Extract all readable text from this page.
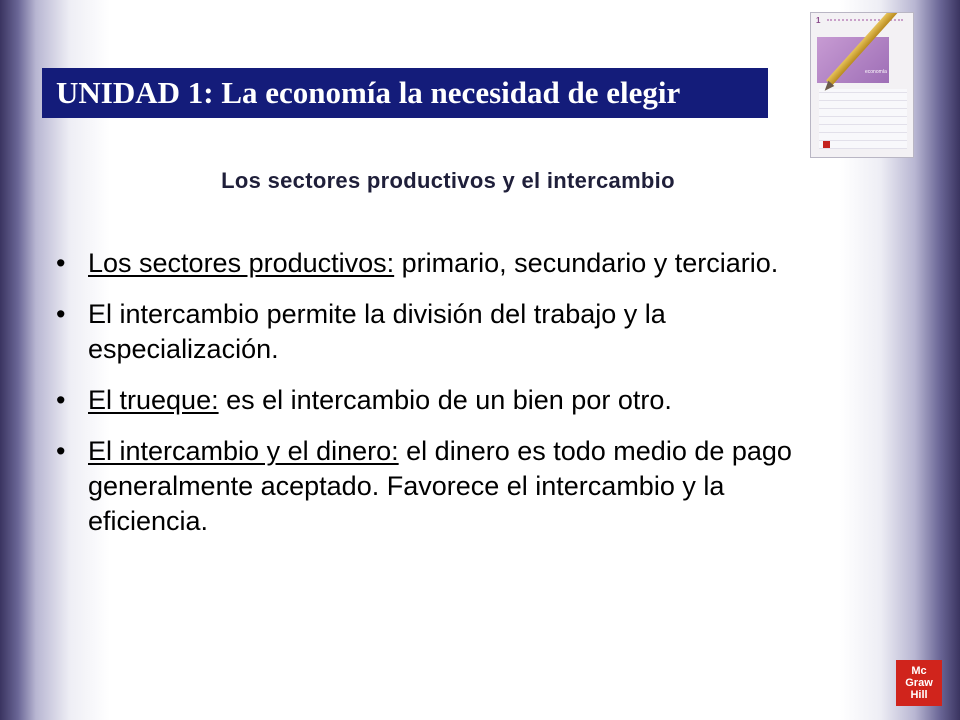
UNIDAD 1: La economía la necesidad de elegir
1
economía
Los sectores productivos y el intercambio
• Los sectores productivos: primario, secundario y terciario.
• El intercambio permite la división del trabajo y la especialización.
• El trueque: es el intercambio de un bien por otro.
• El intercambio y el dinero: el dinero es todo medio de pago generalmente aceptado. Favorece el intercambio y la eficiencia.
Mc
Graw
Hill
